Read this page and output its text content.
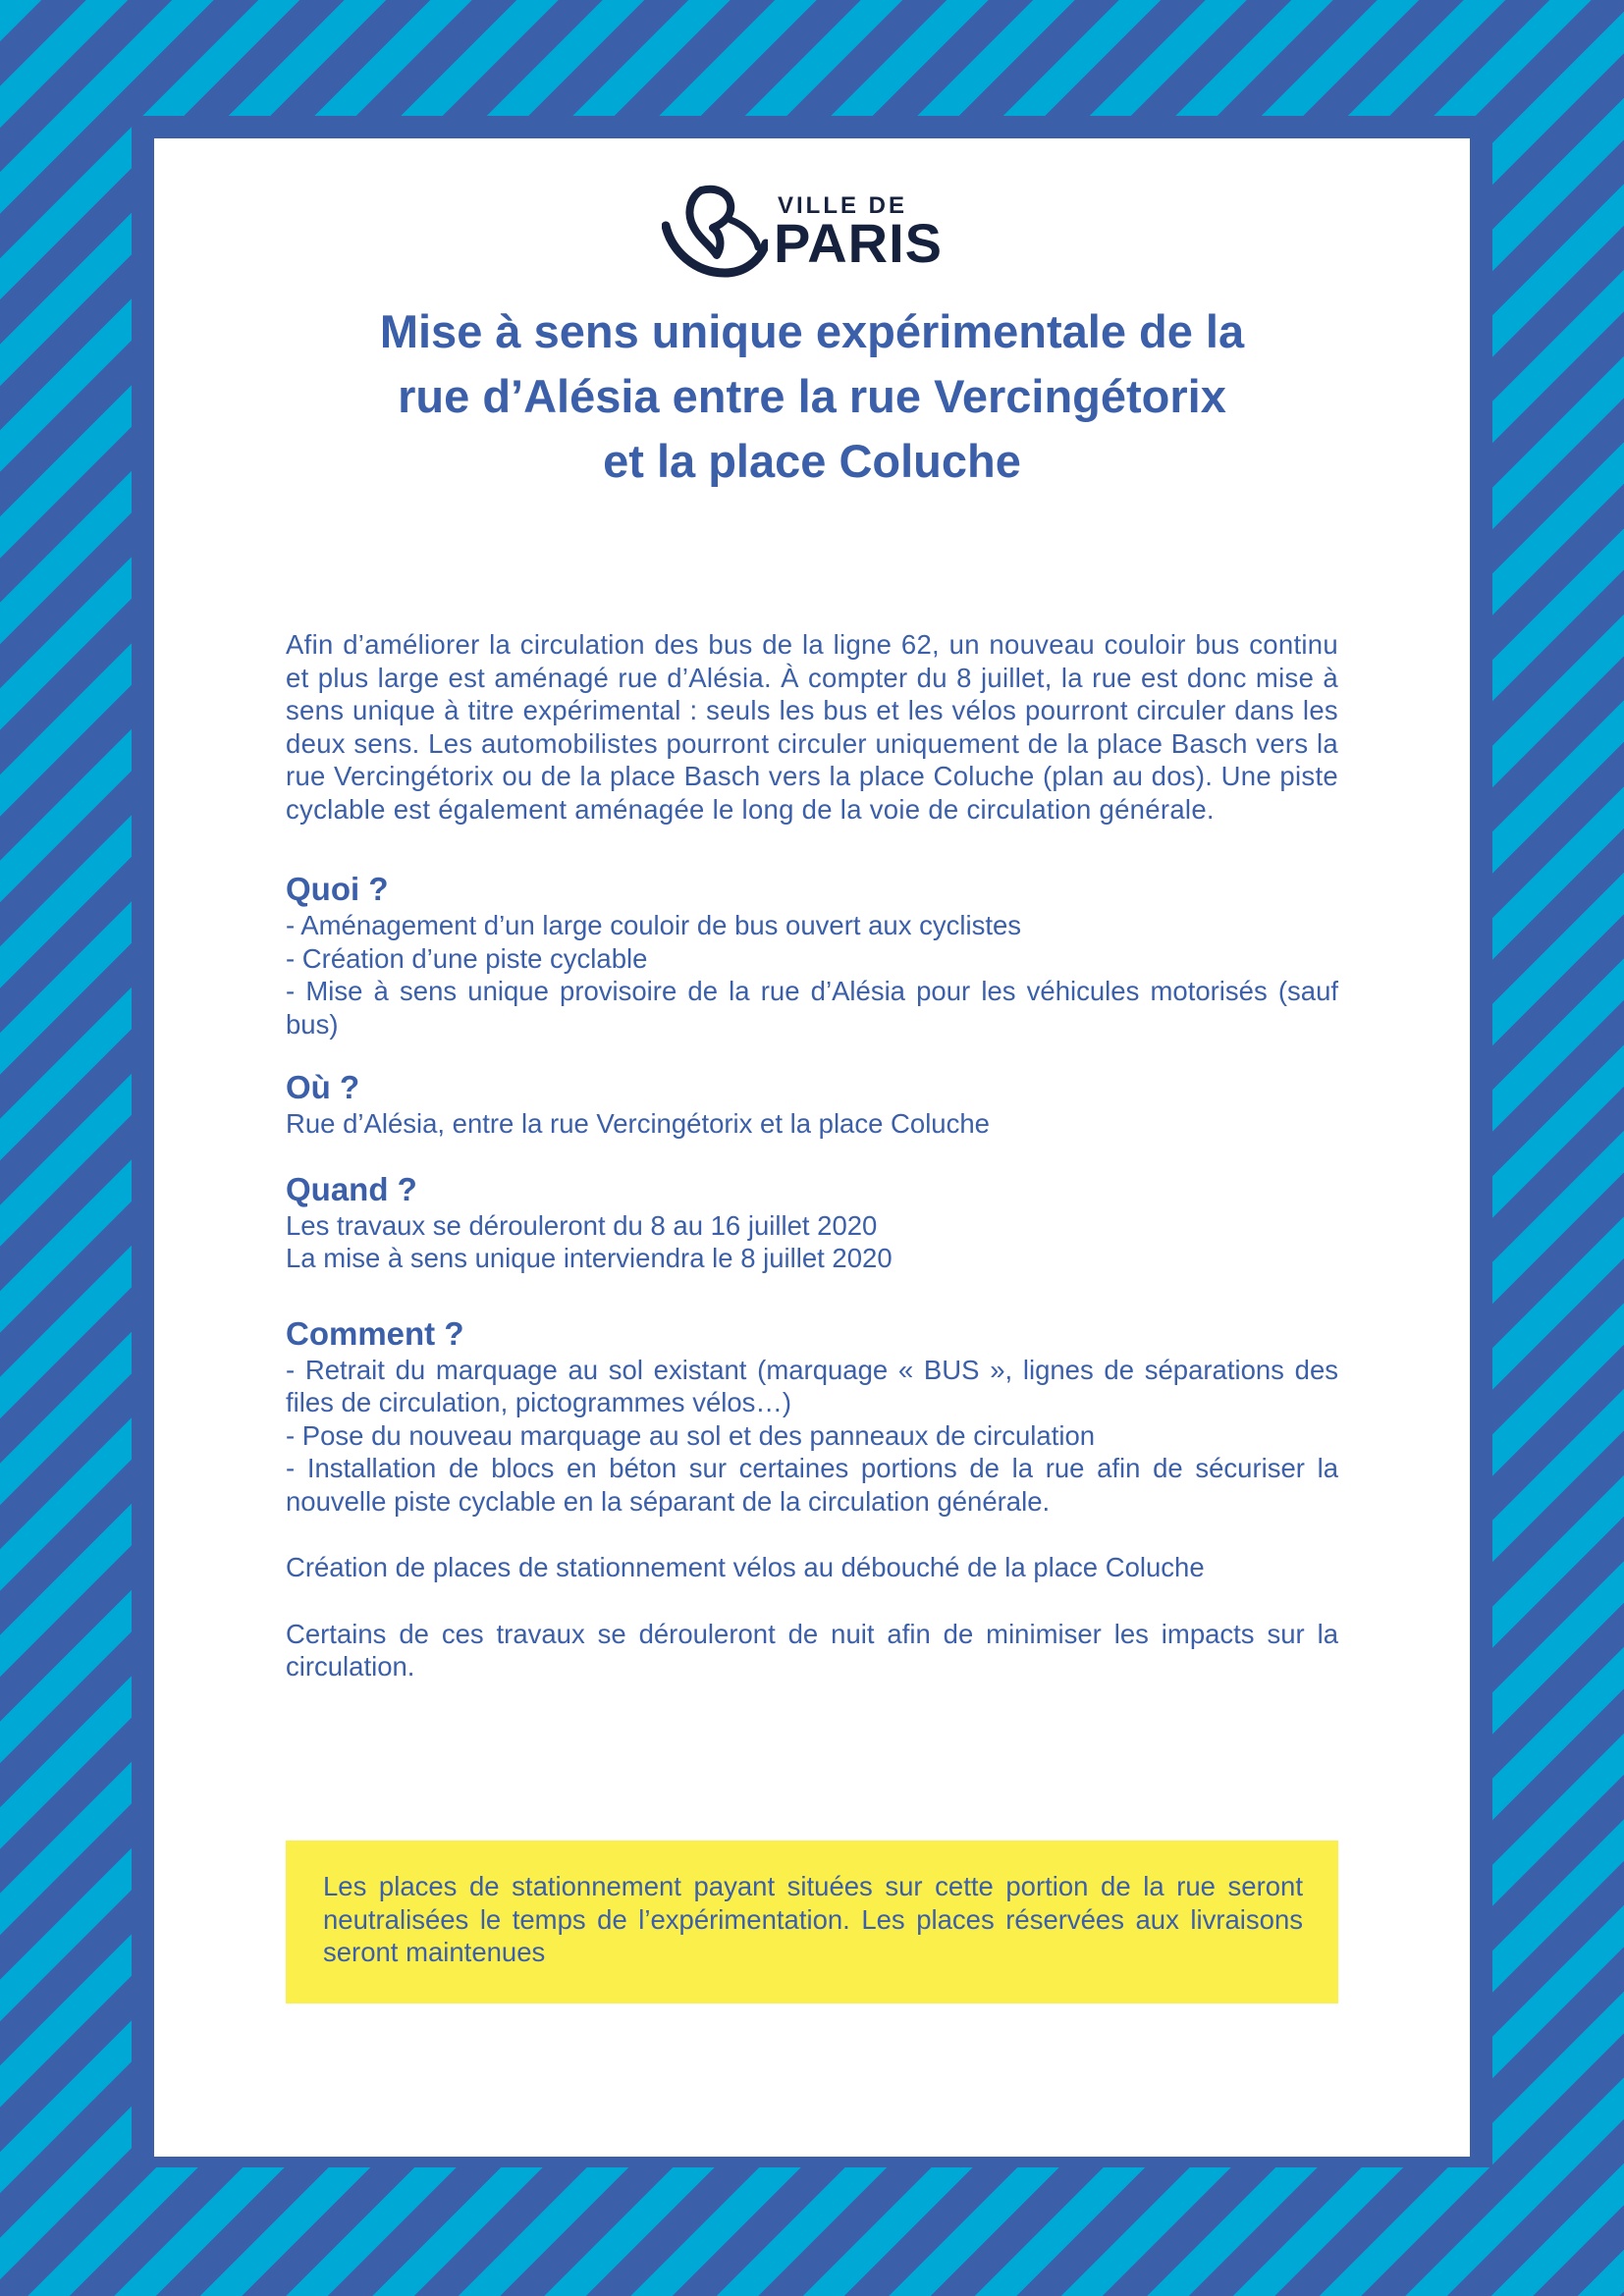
VILLE DE
PARIS
Mise à sens unique expérimentale de la
rue d’Alésia entre la rue Vercingétorix
et la place Coluche

Afin d’améliorer la circulation des bus de la ligne 62, un nouveau couloir bus continu et plus large est aménagé rue d’Alésia. À compter du 8 juillet, la rue est donc mise à sens unique à titre expérimental : seuls les bus et les vélos pourront circuler dans les deux sens. Les automobilistes pourront circuler uniquement de la place Basch vers la rue Vercingétorix ou de la place Basch vers la place Coluche (plan au dos). Une piste cyclable est également aménagée le long de la voie de circulation générale.

Quoi ?

- Aménagement d’un large couloir de bus ouvert aux cyclistes

- Création d’une piste cyclable

- Mise à sens unique provisoire de la rue d’Alésia pour les véhicules motorisés (sauf bus)

Où ?

Rue d’Alésia, entre la rue Vercingétorix et la place Coluche

Quand ?

Les travaux se dérouleront du 8 au 16 juillet 2020

La mise à sens unique interviendra le 8 juillet 2020

Comment ?

- Retrait du marquage au sol existant (marquage « BUS », lignes de séparations des files de circulation, pictogrammes vélos…)

- Pose du nouveau marquage au sol et des panneaux de circulation

- Installation de blocs en béton sur certaines portions de la rue afin de sécuriser la nouvelle piste cyclable en la séparant de la circulation générale.

Création de places de stationnement vélos au débouché de la place Coluche

Certains de ces travaux se dérouleront de nuit afin de minimiser les impacts sur la circulation.

Les places de stationnement payant situées sur cette portion de la rue seront neutralisées le temps de l’expérimentation. Les places réservées aux livraisons seront maintenues
